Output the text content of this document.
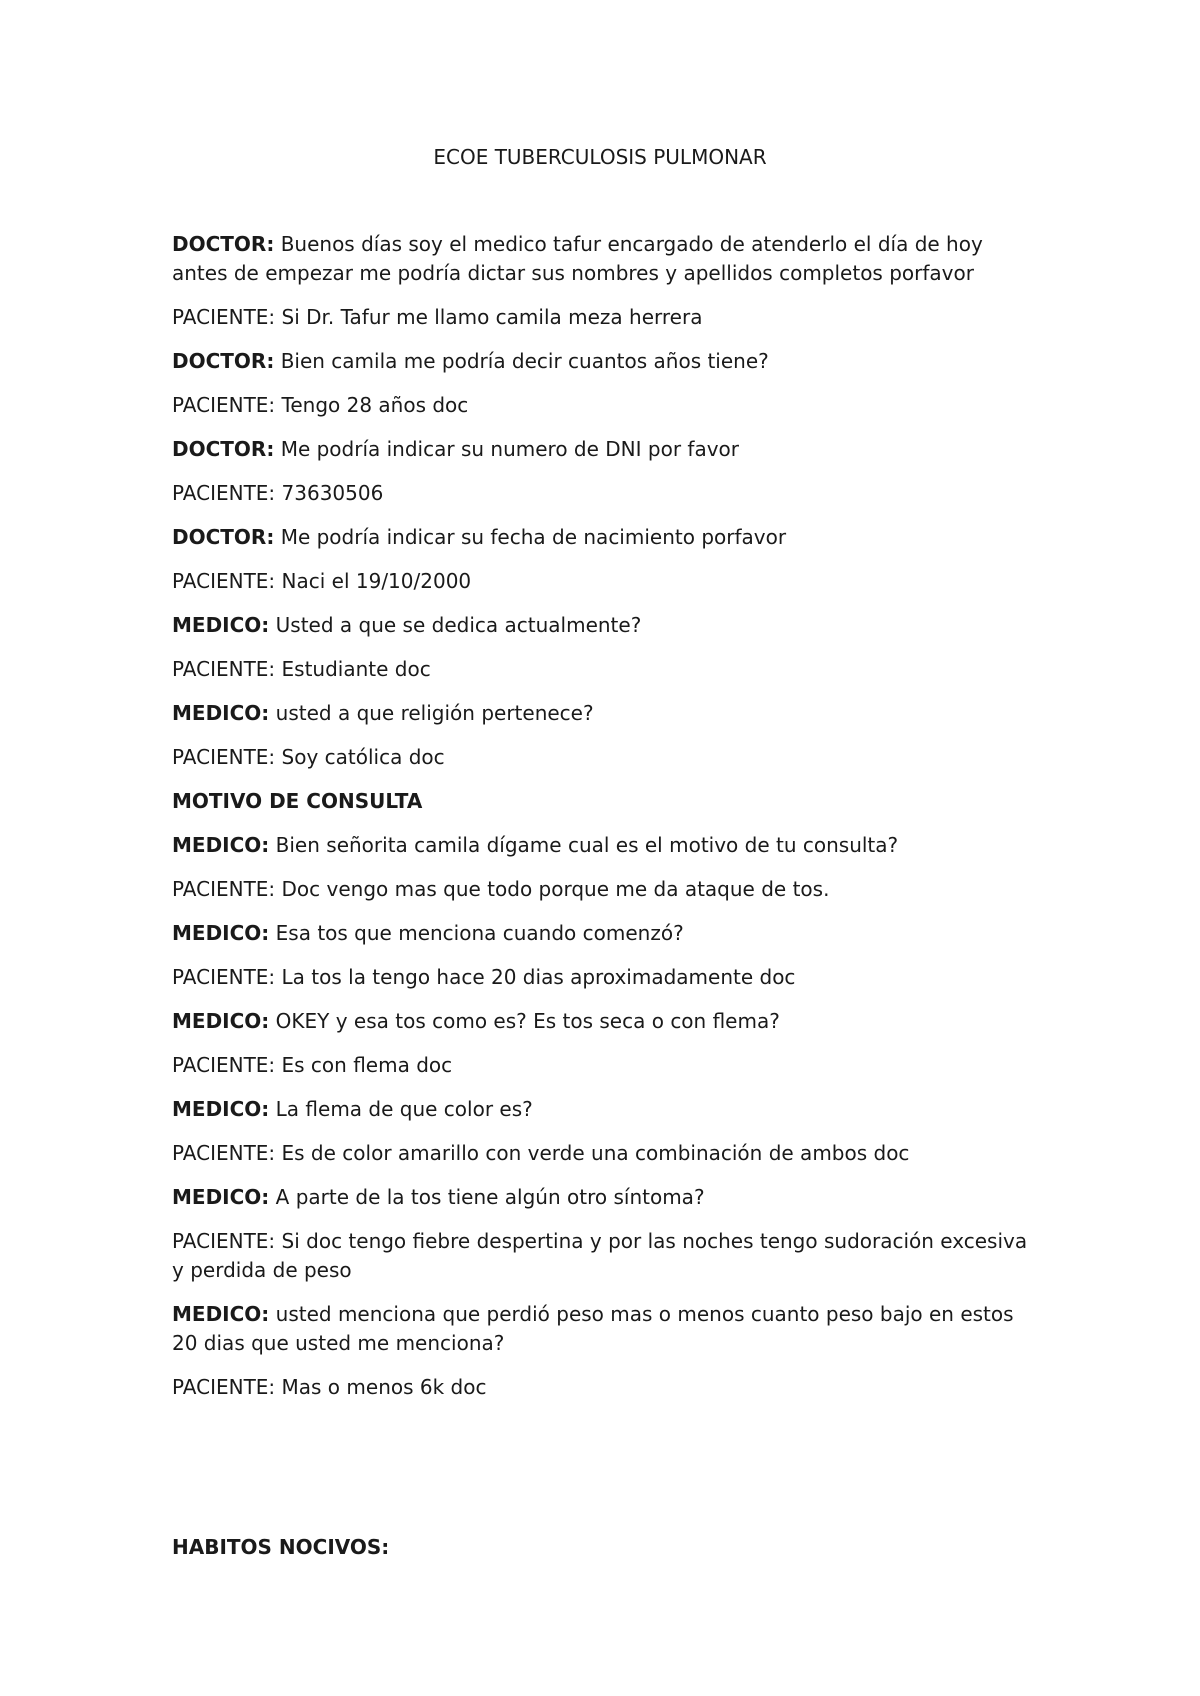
ECOE TUBERCULOSIS PULMONAR

DOCTOR: Buenos días soy el medico tafur encargado de atenderlo el día de hoy antes de empezar me podría dictar sus nombres y apellidos completos porfavor

PACIENTE: Si Dr. Tafur me llamo camila meza herrera

DOCTOR: Bien camila me podría decir cuantos años tiene?

PACIENTE: Tengo 28 años doc

DOCTOR: Me podría indicar su numero de DNI por favor

PACIENTE: 73630506

DOCTOR: Me podría indicar su fecha de nacimiento porfavor

PACIENTE: Naci el 19/10/2000

MEDICO: Usted a que se dedica actualmente?

PACIENTE: Estudiante doc

MEDICO: usted a que religión pertenece?

PACIENTE: Soy católica doc

MOTIVO DE CONSULTA

MEDICO: Bien señorita camila dígame cual es el motivo de tu consulta?

PACIENTE: Doc vengo mas que todo porque me da ataque de tos.

MEDICO: Esa tos que menciona cuando comenzó?

PACIENTE: La tos la tengo hace 20 dias aproximadamente doc

MEDICO: OKEY y esa tos como es? Es tos seca o con flema?

PACIENTE: Es con flema doc

MEDICO: La flema de que color es?

PACIENTE: Es de color amarillo con verde una combinación de ambos doc

MEDICO: A parte de la tos tiene algún otro síntoma?

PACIENTE: Si doc tengo fiebre despertina y por las noches tengo sudoración excesiva y perdida de peso

MEDICO: usted menciona que perdió peso mas o menos cuanto peso bajo en estos 20 dias que usted me menciona?

PACIENTE: Mas o menos 6k doc

HABITOS NOCIVOS:
